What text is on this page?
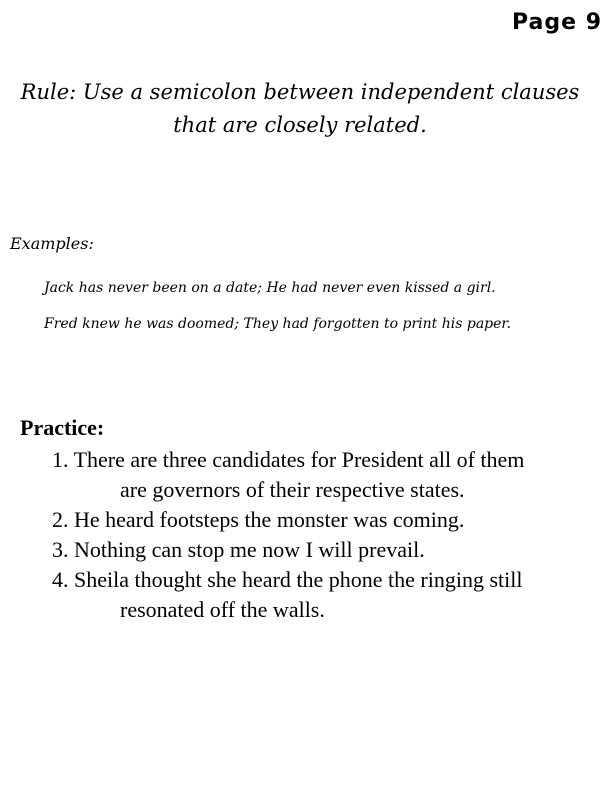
Page 9
Rule: Use a semicolon between independent clauses that are closely related.
Examples:
Jack has never been on a date; He had never even kissed a girl.
Fred knew he was doomed; They had forgotten to print his paper.
Practice:
1. There are three candidates for President all of them
are governors of their respective states.
2. He heard footsteps the monster was coming.
3. Nothing can stop me now I will prevail.
4. Sheila thought she heard the phone the ringing still
resonated off the walls.
